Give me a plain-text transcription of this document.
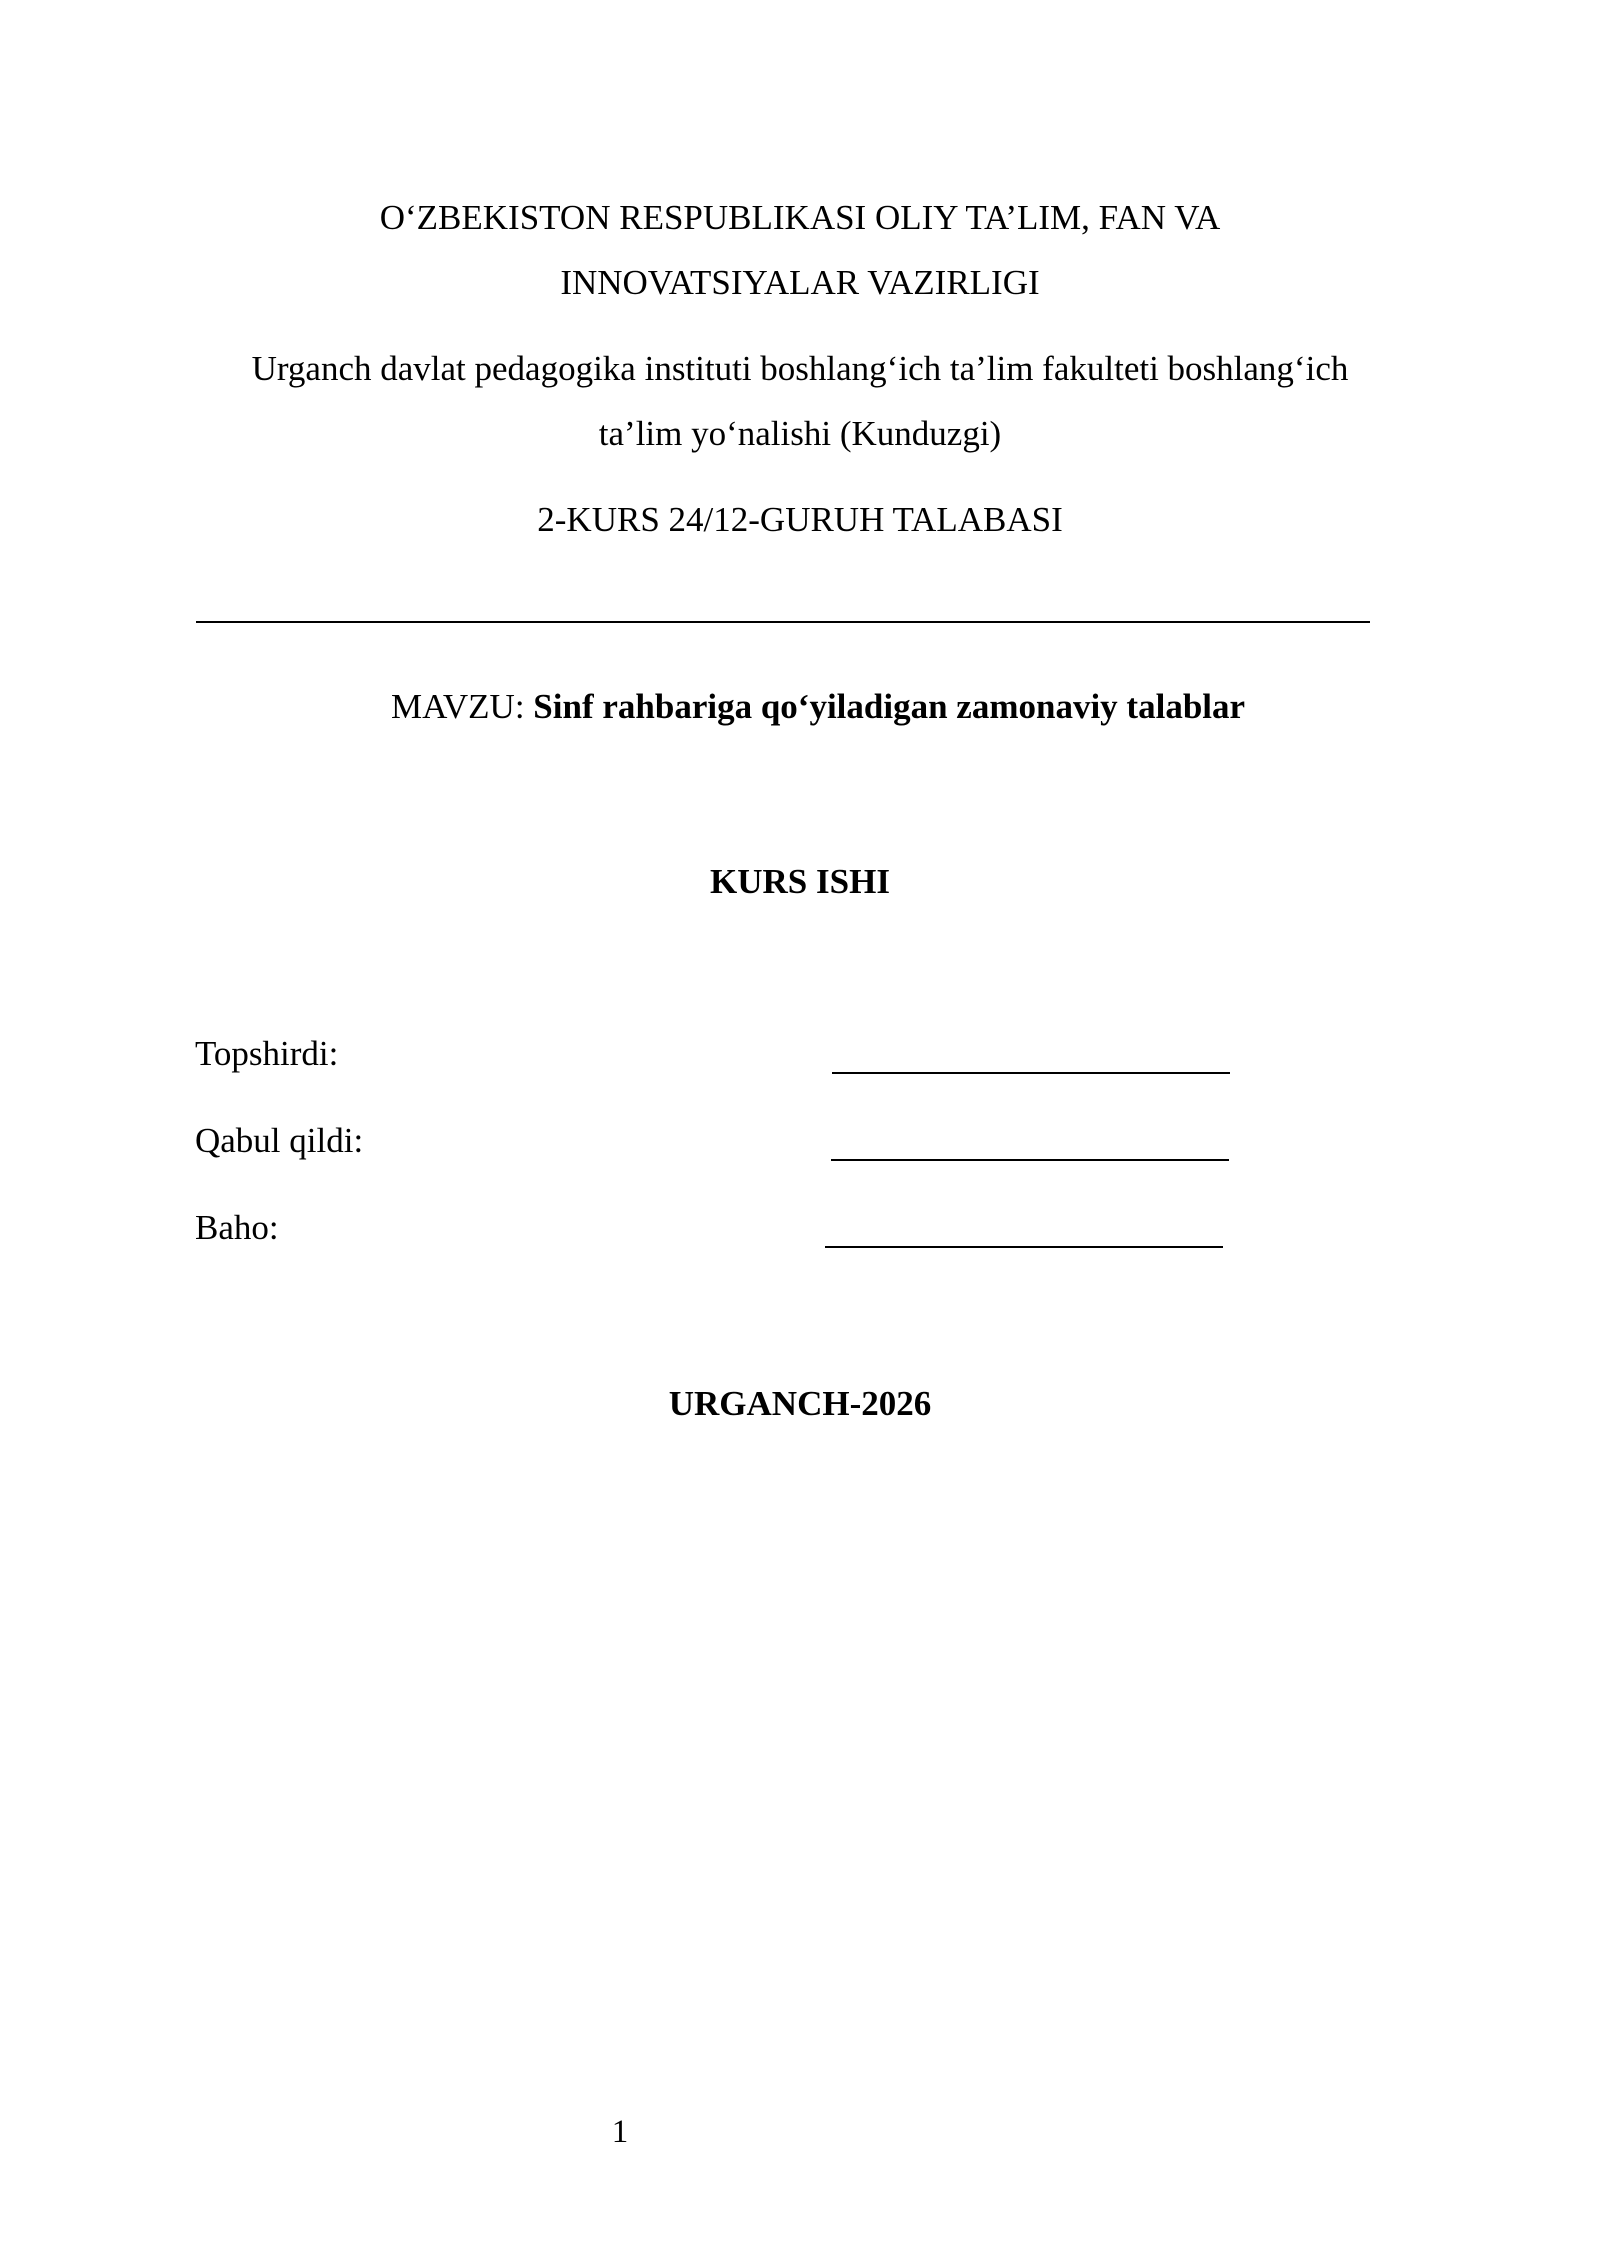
O‘ZBEKISTON RESPUBLIKASI OLIY TA’LIM, FAN VA
INNOVATSIYALAR VAZIRLIGI
Urganch davlat pedagogika instituti boshlang‘ich ta’lim fakulteti boshlang‘ich
ta’lim yo‘nalishi (Kunduzgi)
2-KURS 24/12-GURUH TALABASI
MAVZU: Sinf rahbariga qo‘yiladigan zamonaviy talablar
KURS ISHI
Topshirdi:
Qabul qildi:
Baho:
URGANCH-2026
1
